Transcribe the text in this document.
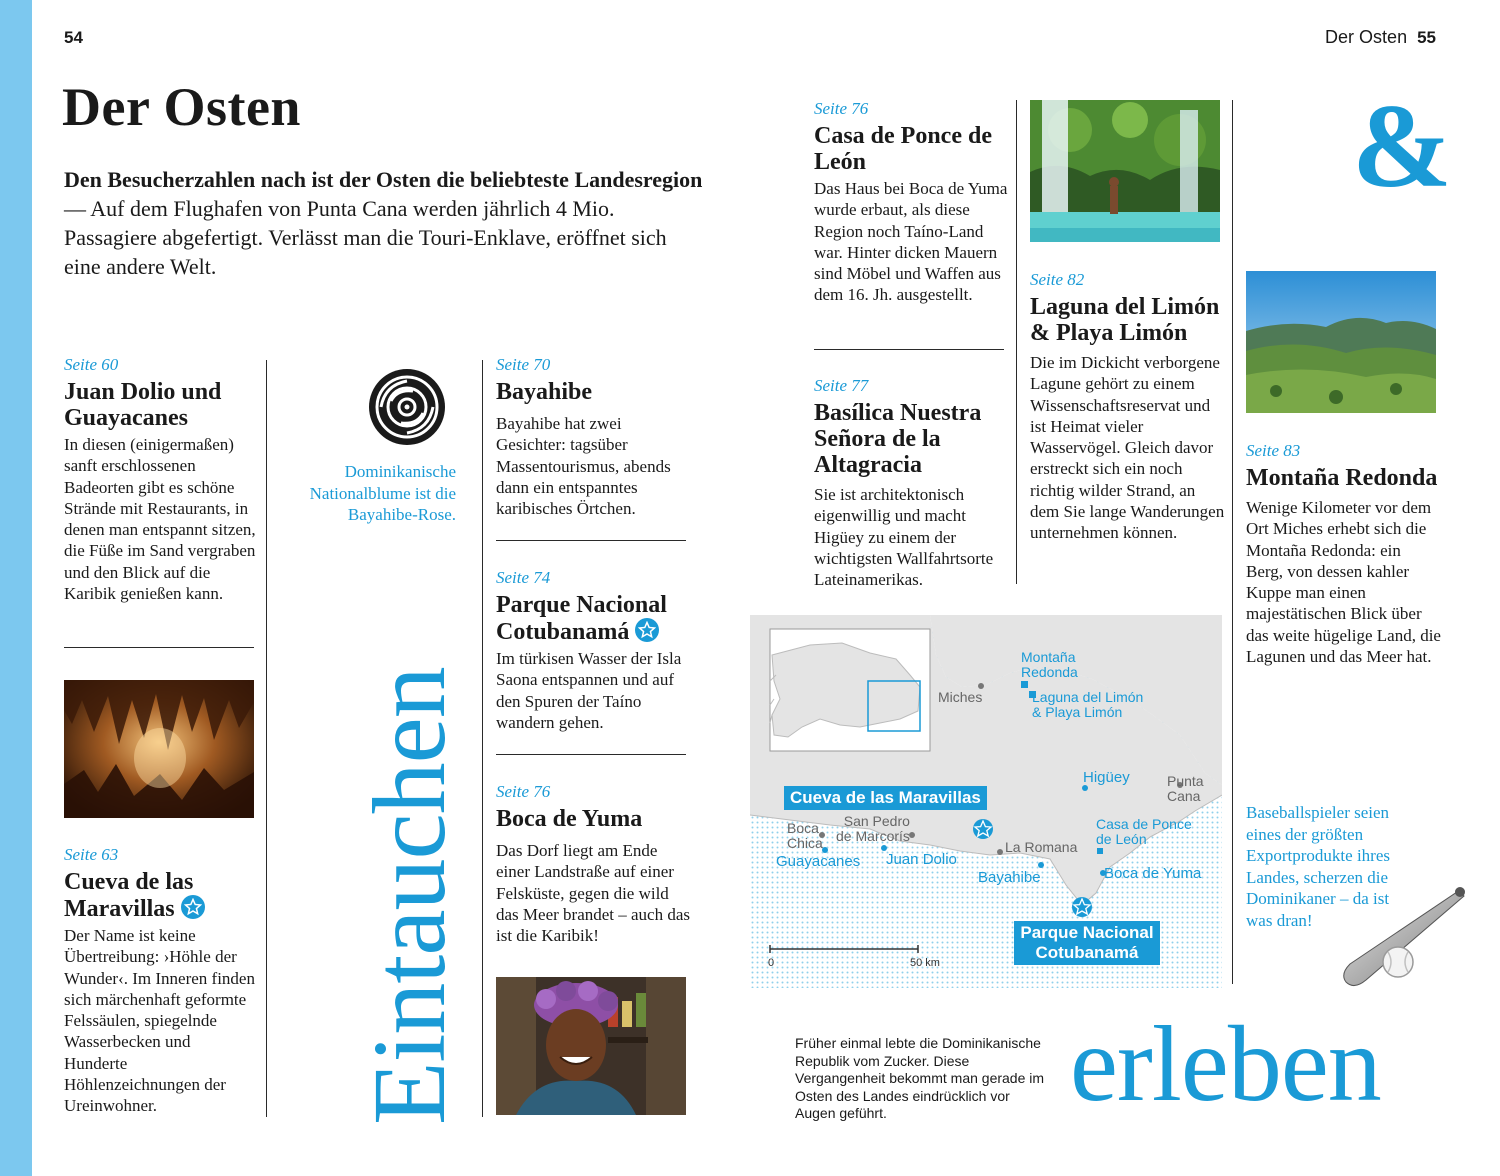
54	Der Osten 55
Der Osten
Den Besucherzahlen nach ist der Osten die beliebteste Landesregion — Auf dem Flughafen von Punta Cana werden jährlich 4 Mio. Passagiere abgefertigt. Verlässt man die Touri-Enklave, eröffnet sich eine andere Welt.
Seite 60
Juan Dolio und Guayacanes
In diesen (einigermaßen) sanft erschlossenen Badeorten gibt es schöne Strände mit Restaurants, in denen man entspannt sitzen, die Füße im Sand vergraben und den Blick auf die Karibik genießen kann.
Seite 63
Cueva de las
Maravillas
Der Name ist keine Übertreibung: ›Höhle der Wunder‹. Im Inneren finden sich märchenhaft geformte Felssäulen, spiegelnde Wasserbecken und Hunderte Höhlenzeichnungen der Ureinwohner.
Dominikanische Nationalblume ist die Bayahibe-Rose.
Eintauchen
Seite 70
Bayahibe
Bayahibe hat zwei Gesichter: tagsüber Massentourismus, abends dann ein entspanntes karibisches Örtchen.
Seite 74
Parque Nacional
Cotubanamá
Im türkisen Wasser der Isla Saona entspannen und auf den Spuren der Taíno wandern gehen.
Seite 76
Boca de Yuma
Das Dorf liegt am Ende einer Landstraße auf einer Felsküste, gegen die wild das Meer brandet – auch das ist die Karibik!
Seite 76
Casa de Ponce de León
Das Haus bei Boca de Yuma wurde erbaut, als diese Region noch Taíno-Land war. Hinter dicken Mauern sind Möbel und Waffen aus dem 16. Jh. ausgestellt.
Seite 77
Basílica Nuestra Señora de la Altagracia
Sie ist architektonisch eigenwillig und macht Higüey zu einem der wichtigsten Wallfahrtsorte Lateinamerikas.
Seite 82
Laguna del Limón & Playa Limón
Die im Dickicht verborgene Lagune gehört zu einem Wissenschaftsreservat und ist Heimat vieler Wasservögel. Gleich davor erstreckt sich ein noch richtig wilder Strand, an dem Sie lange Wanderungen unternehmen können.
&
Seite 83
Montaña Redonda
Wenige Kilometer vor dem Ort Miches erhebt sich die Montaña Redonda: ein Berg, von dessen kahler Kuppe man einen majestätischen Blick über das weite hügelige Land, die Lagunen und das Meer hat.
Baseballspieler seien eines der größten Exportprodukte ihres Landes, scherzen die Dominikaner – da ist was dran!
Cueva de las Maravillas
Parque Nacional
Cotubanamá
Montaña
Redonda
Laguna del Limón
& Playa Limón
Miches
Higüey	Punta
Cana
Casa de Ponce
de León
Boca de Yuma
La Romana
Bayahibe
Juan Dolio
Guayacanes
Boca
Chica
San Pedro
de Marcorís
0	50 km
Früher einmal lebte die Dominikanische Republik vom Zucker. Diese Vergangenheit bekommt man gerade im Osten des Landes eindrücklich vor Augen geführt.	erleben
